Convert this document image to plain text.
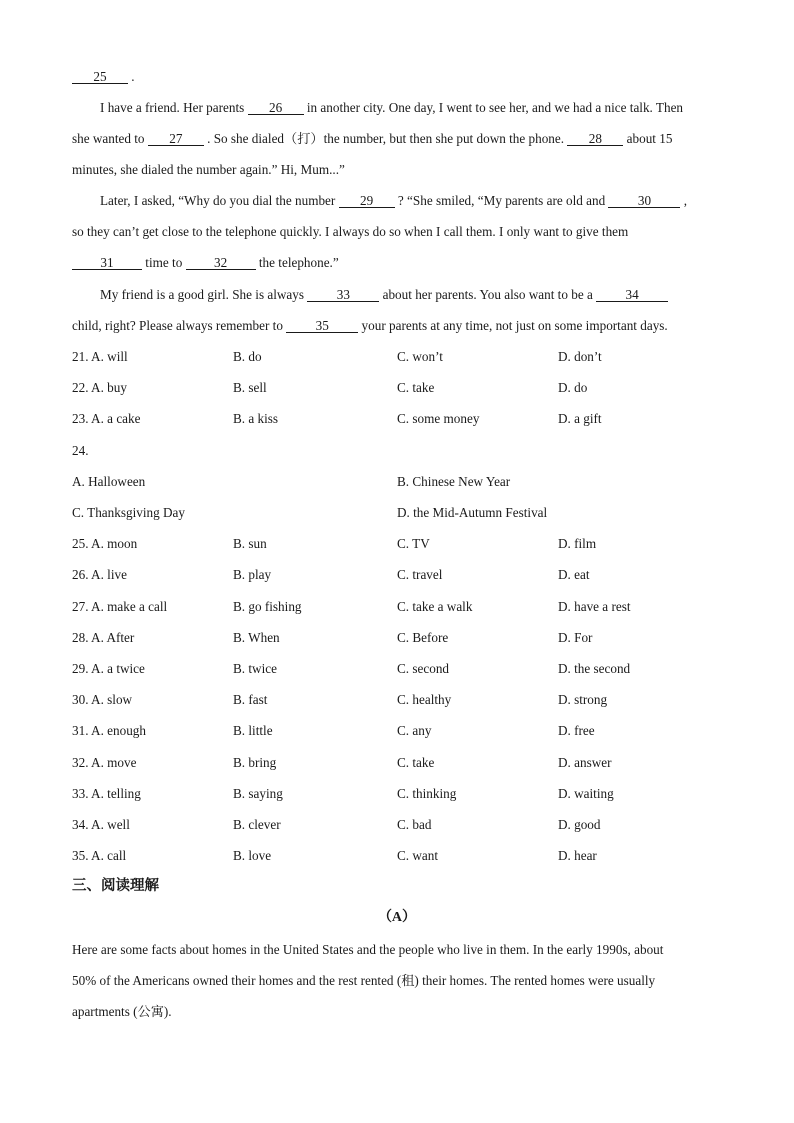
25 .
I have a friend. Her parents 26 in another city. One day, I went to see her, and we had a nice talk. Then
she wanted to 27 . So she dialed（打）the number, but then she put down the phone. 28 about 15
minutes, she dialed the number again.” Hi, Mum...”
Later, I asked, “Why do you dial the number 29 ? “She smiled, “My parents are old and 30 ,
so they can’t get close to the telephone quickly. I always do so when I call them. I only want to give them
31 time to 32 the telephone.”
My friend is a good girl. She is always 33 about her parents. You also want to be a 34
child, right? Please always remember to 35 your parents at any time, not just on some important days.
21. A. will	B. do	C. won’t	D. don’t
22. A. buy	B. sell	C. take	D. do
23. A. a cake	B. a kiss	C. some money	D. a gift
24.
A. Halloween	B. Chinese New Year
C. Thanksgiving Day	D. the Mid-Autumn Festival
25. A. moon	B. sun	C. TV	D. film
26. A. live	B. play	C. travel	D. eat
27. A. make a call	B. go fishing	C. take a walk	D. have a rest
28. A. After	B. When	C. Before	D. For
29. A. a twice	B. twice	C. second	D. the second
30. A. slow	B. fast	C. healthy	D. strong
31. A. enough	B. little	C. any	D. free
32. A. move	B. bring	C. take	D. answer
33. A. telling	B. saying	C. thinking	D. waiting
34. A. well	B. clever	C. bad	D. good
35. A. call	B. love	C. want	D. hear
三、阅读理解
（A）
Here are some facts about homes in the United States and the people who live in them. In the early 1990s, about
50% of the Americans owned their homes and the rest rented (租) their homes. The rented homes were usually
apartments (公寓).
